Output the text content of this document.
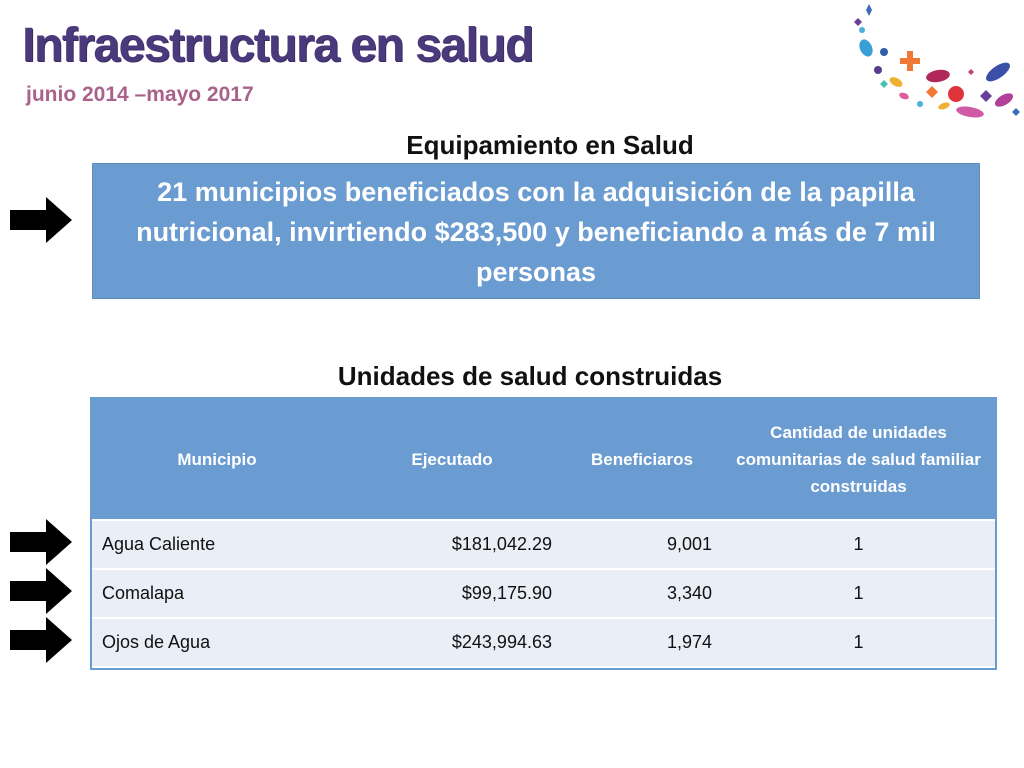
Infraestructura en salud
junio 2014 –mayo 2017
Equipamiento en Salud
21 municipios beneficiados con la adquisición de la papilla nutricional, invirtiendo $283,500 y beneficiando a más de 7 mil personas
Unidades de salud construidas
Municipio	Ejecutado	Beneficiaros	Cantidad de unidades comunitarias de salud familiar construidas
Agua Caliente	$181,042.29	9,001	1
Comalapa	$99,175.90	3,340	1
Ojos de Agua	$243,994.63	1,974	1
